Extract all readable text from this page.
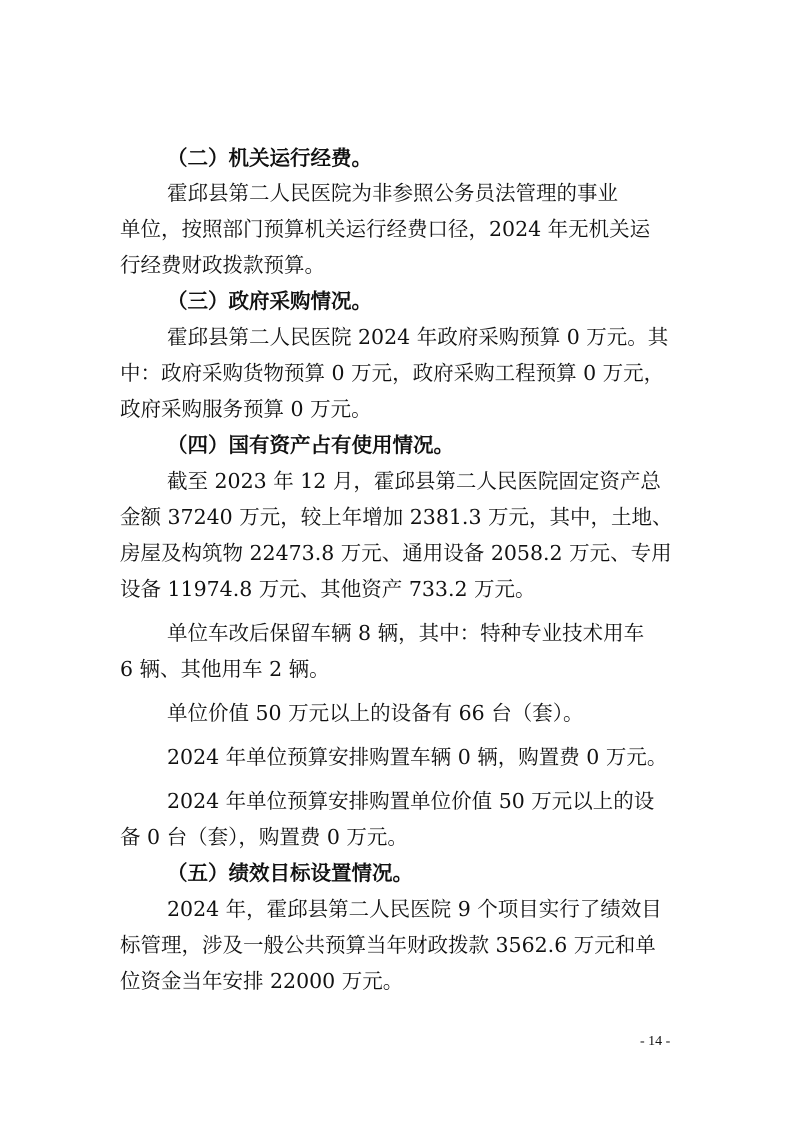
（二）机关运行经费。
霍邱县第二人民医院为非参照公务员法管理的事业
单位，按照部门预算机关运行经费口径，2024 年无机关运
行经费财政拨款预算。
（三）政府采购情况。
霍邱县第二人民医院 2024 年政府采购预算 0 万元。其
中：政府采购货物预算 0 万元，政府采购工程预算 0 万元，
政府采购服务预算 0 万元。
（四）国有资产占有使用情况。
截至 2023 年 12 月，霍邱县第二人民医院固定资产总
金额 37240 万元，较上年增加 2381.3 万元，其中，土地、
房屋及构筑物 22473.8 万元、通用设备 2058.2 万元、专用
设备 11974.8 万元、其他资产 733.2 万元。
单位车改后保留车辆 8 辆，其中：特种专业技术用车
6 辆、其他用车 2 辆。
单位价值 50 万元以上的设备有 66 台（套）。
2024 年单位预算安排购置车辆 0 辆，购置费 0 万元。
2024 年单位预算安排购置单位价值 50 万元以上的设
备 0 台（套），购置费 0 万元。
（五）绩效目标设置情况。
2024 年，霍邱县第二人民医院 9 个项目实行了绩效目
标管理，涉及一般公共预算当年财政拨款 3562.6 万元和单
位资金当年安排 22000 万元。
- 14 -
